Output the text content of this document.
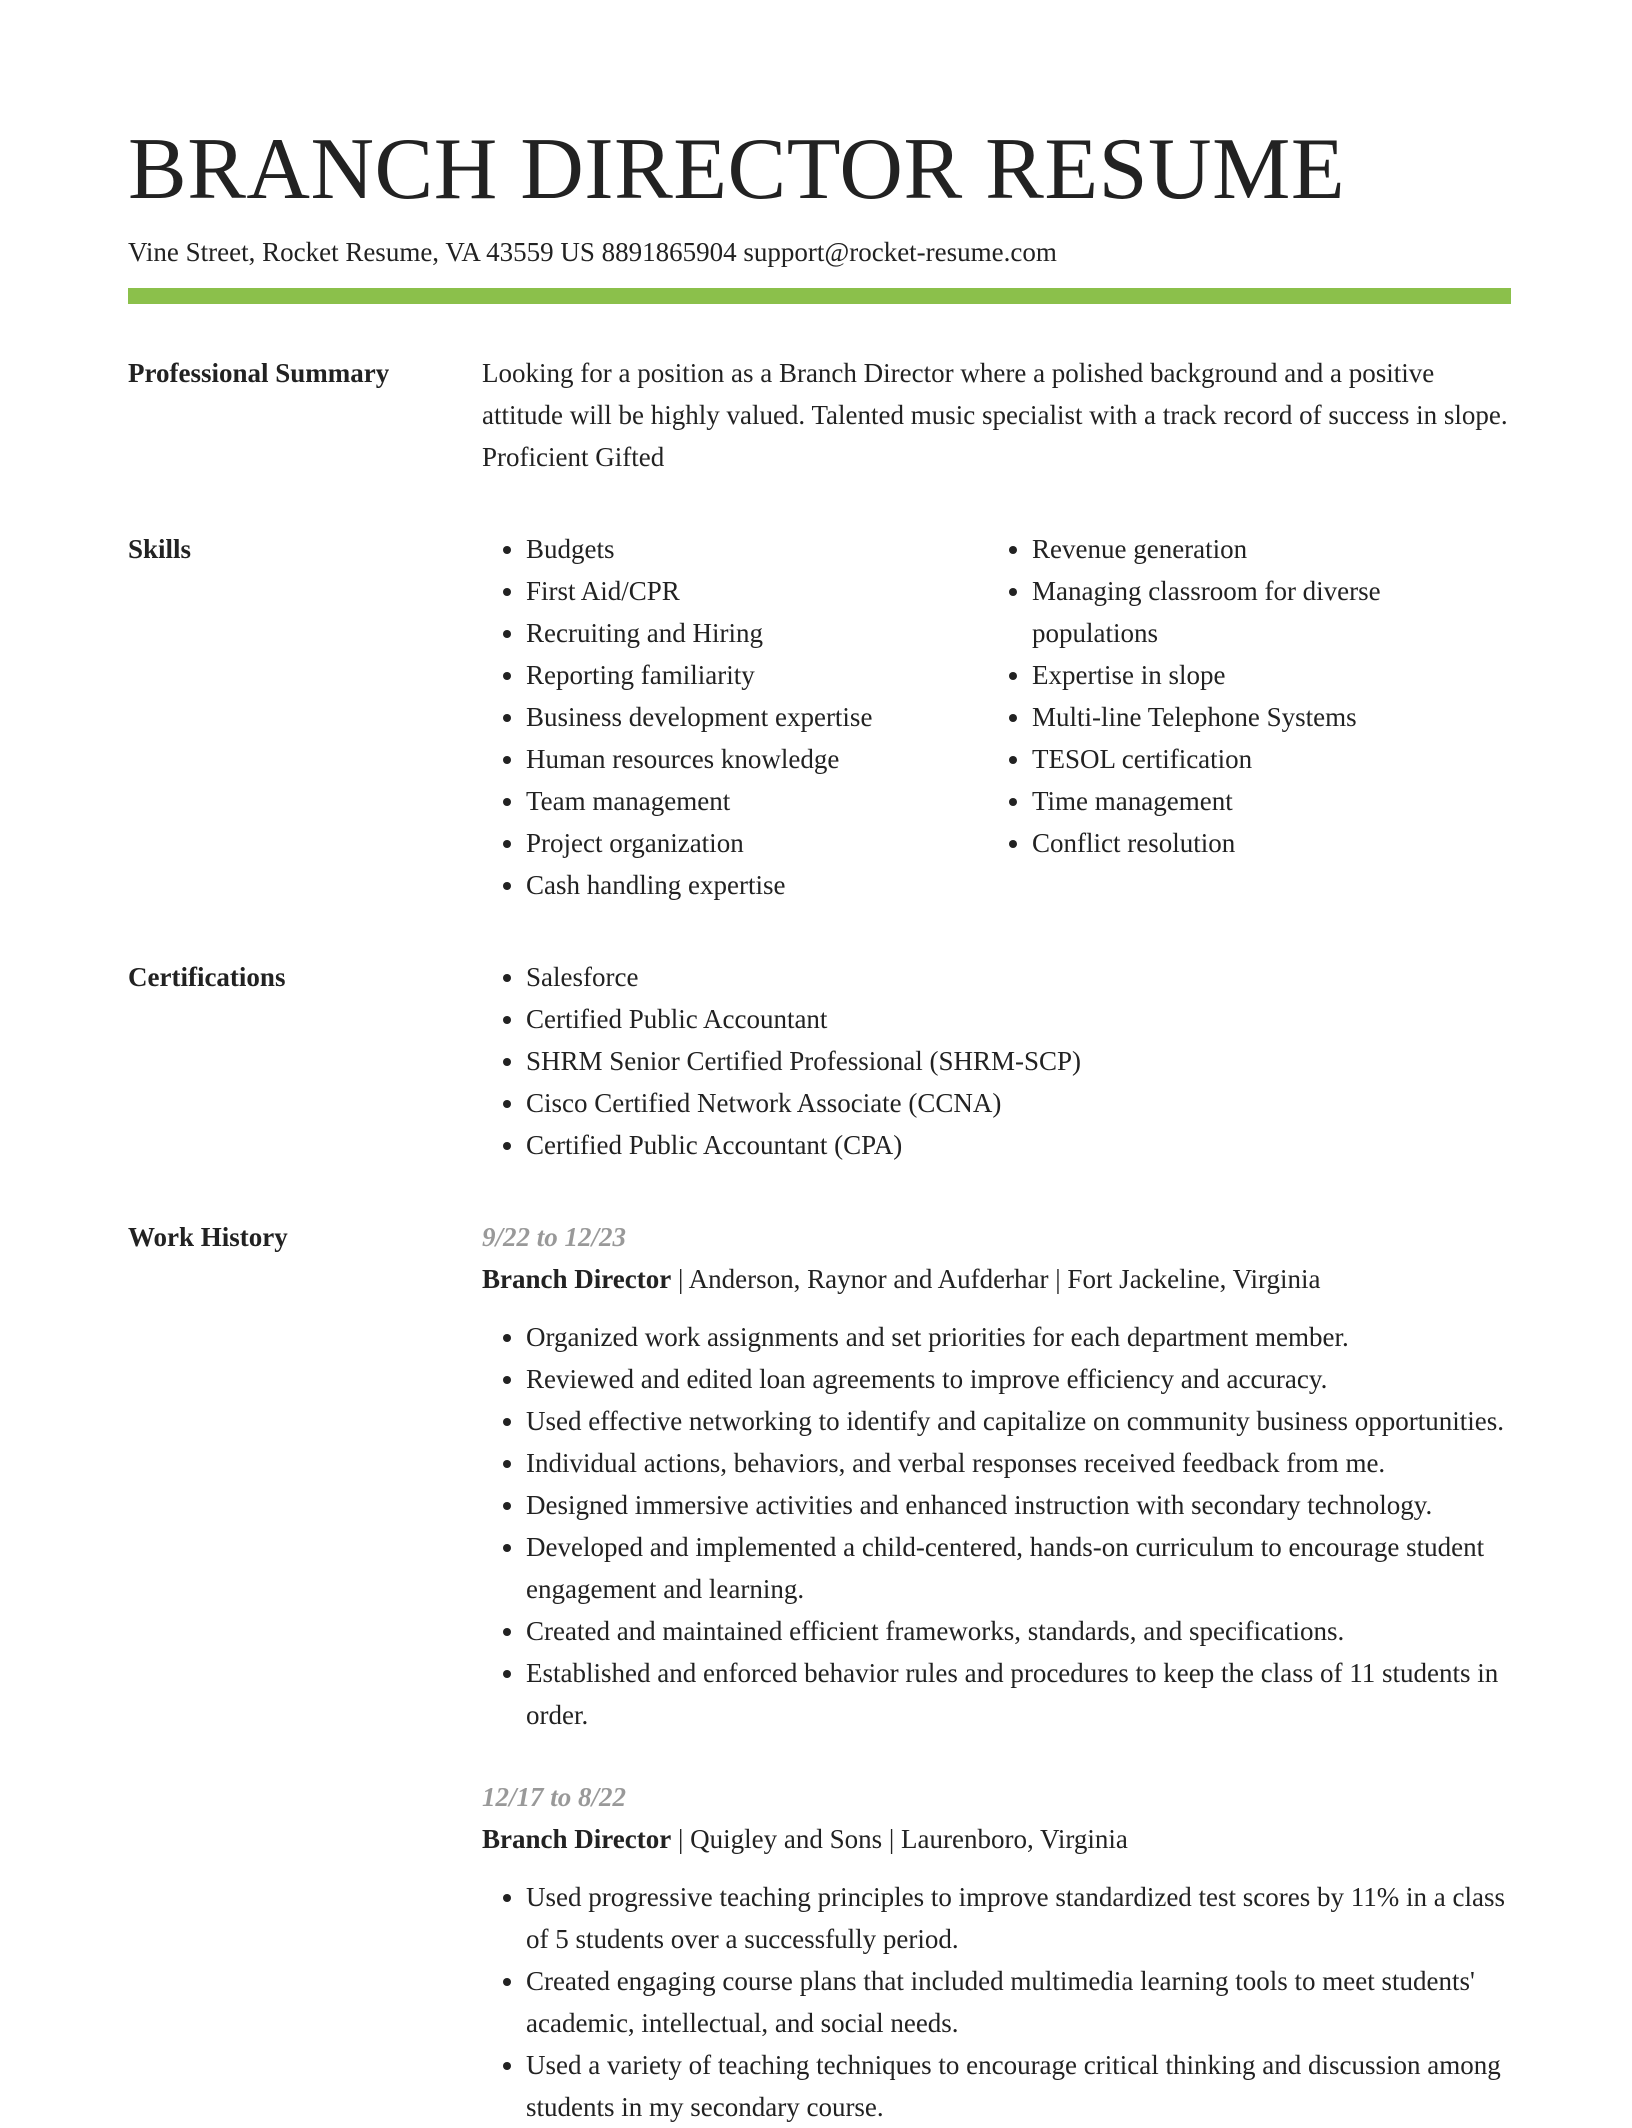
BRANCH DIRECTOR RESUME
Vine Street, Rocket Resume, VA 43559 US 8891865904 support@rocket-resume.com
Professional Summary	Looking for a position as a Branch Director where a polished background and a positive attitude will be highly valued. Talented music specialist with a track record of success in slope. Proficient Gifted

Skills	• Budgets
• First Aid/CPR
• Recruiting and Hiring
• Reporting familiarity
• Business development expertise
• Human resources knowledge
• Team management
• Project organization
• Cash handling expertise
• Revenue generation
• Managing classroom for diverse populations
• Expertise in slope
• Multi-line Telephone Systems
• TESOL certification
• Time management
• Conflict resolution
Certifications	• Salesforce
• Certified Public Accountant
• SHRM Senior Certified Professional (SHRM-SCP)
• Cisco Certified Network Associate (CCNA)
• Certified Public Accountant (CPA)
Work History	9/22 to 12/23
Branch Director | Anderson, Raynor and Aufderhar | Fort Jackeline, Virginia
• Organized work assignments and set priorities for each department member.
• Reviewed and edited loan agreements to improve efficiency and accuracy.
• Used effective networking to identify and capitalize on community business opportunities.
• Individual actions, behaviors, and verbal responses received feedback from me.
• Designed immersive activities and enhanced instruction with secondary technology.
• Developed and implemented a child-centered, hands-on curriculum to encourage student engagement and learning.
• Created and maintained efficient frameworks, standards, and specifications.
• Established and enforced behavior rules and procedures to keep the class of 11 students in order.
12/17 to 8/22
Branch Director | Quigley and Sons | Laurenboro, Virginia
• Used progressive teaching principles to improve standardized test scores by 11% in a class of 5 students over a successfully period.
• Created engaging course plans that included multimedia learning tools to meet students' academic, intellectual, and social needs.
• Used a variety of teaching techniques to encourage critical thinking and discussion among students in my secondary course.
